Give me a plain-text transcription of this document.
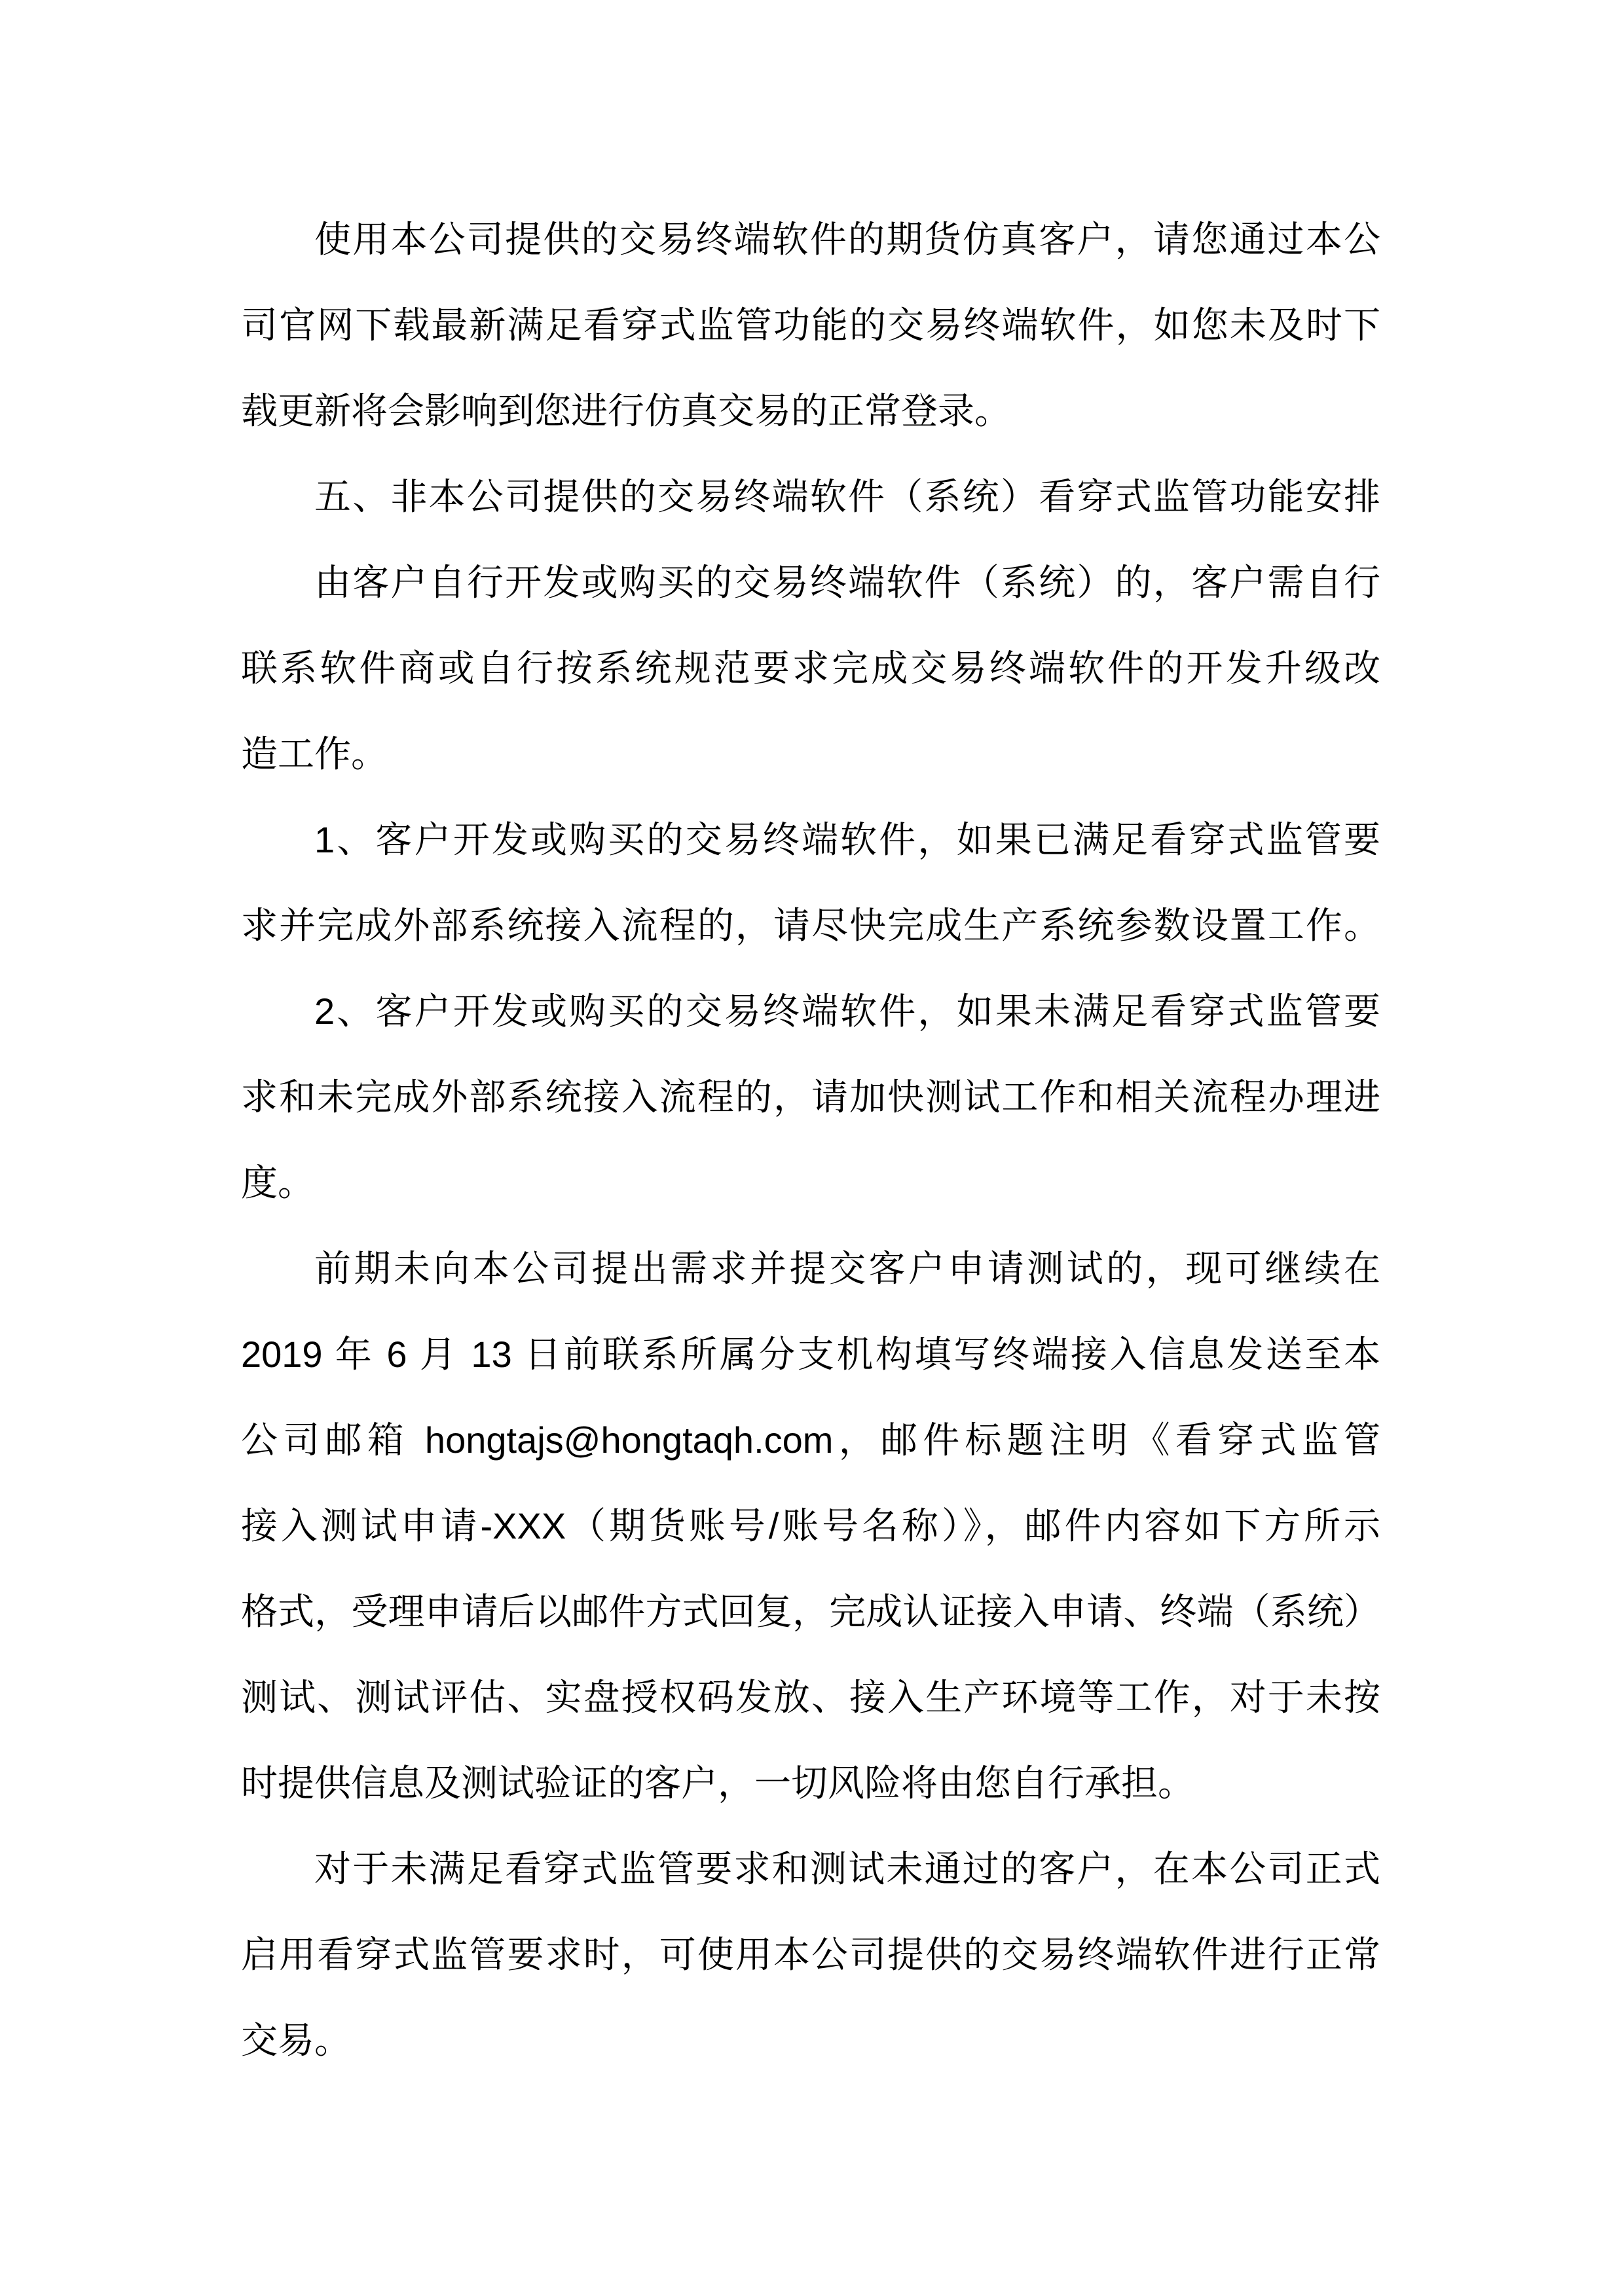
使用本公司提供的交易终端软件的期货仿真客户，请您通过本公
司官网下载最新满足看穿式监管功能的交易终端软件，如您未及时下
载更新将会影响到您进行仿真交易的正常登录。
五、非本公司提供的交易终端软件（系统）看穿式监管功能安排
由客户自行开发或购买的交易终端软件（系统）的，客户需自行
联系软件商或自行按系统规范要求完成交易终端软件的开发升级改
造工作。
1、客户开发或购买的交易终端软件，如果已满足看穿式监管要
求并完成外部系统接入流程的，请尽快完成生产系统参数设置工作。
2、客户开发或购买的交易终端软件，如果未满足看穿式监管要
求和未完成外部系统接入流程的，请加快测试工作和相关流程办理进
度。
前期未向本公司提出需求并提交客户申请测试的，现可继续在
2019 年 6 月 13 日前联系所属分支机构填写终端接入信息发送至本
公司邮箱 hongtajs@hongtaqh.com，邮件标题注明《看穿式监管
接入测试申请-XXX（期货账号/账号名称）》，邮件内容如下方所示
格式，受理申请后以邮件方式回复，完成认证接入申请、终端（系统）
测试、测试评估、实盘授权码发放、接入生产环境等工作，对于未按
时提供信息及测试验证的客户，一切风险将由您自行承担。
对于未满足看穿式监管要求和测试未通过的客户，在本公司正式
启用看穿式监管要求时，可使用本公司提供的交易终端软件进行正常
交易。
